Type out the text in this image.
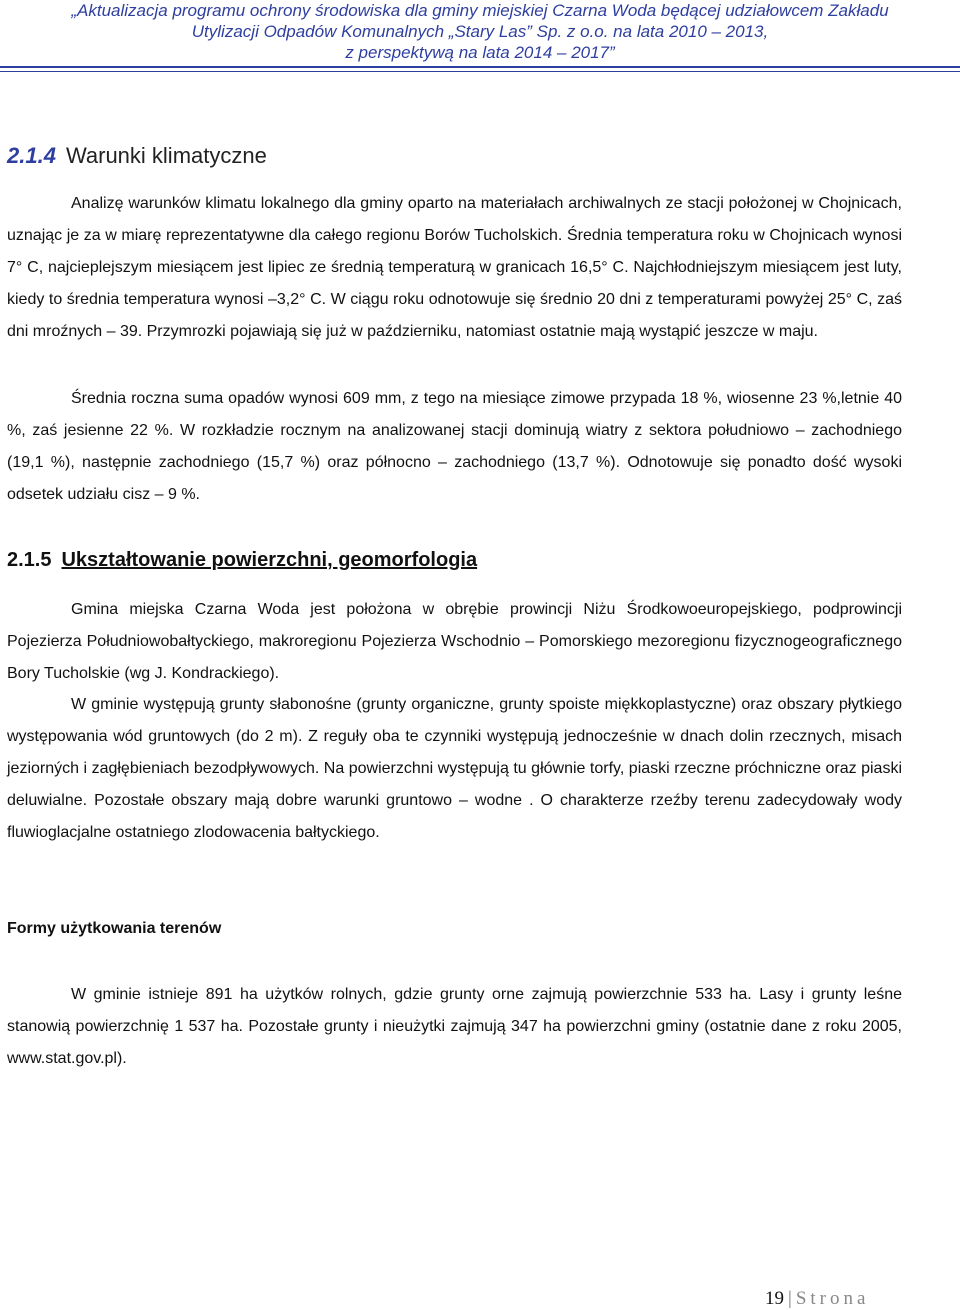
„Aktualizacja programu ochrony środowiska dla gminy miejskiej Czarna Woda będącej udziałowcem Zakładu
Utylizacji Odpadów Komunalnych „Stary Las” Sp. z o.o. na lata 2010 – 2013,
z perspektywą na lata 2014 – 2017”
2.1.4 Warunki klimatyczne

Analizę warunków klimatu lokalnego dla gminy oparto na materiałach archiwalnych ze stacji położonej w Chojnicach, uznając je za w miarę reprezentatywne dla całego regionu Borów Tucholskich. Średnia temperatura roku w Chojnicach wynosi 7° C, najcieplejszym miesiącem jest lipiec ze średnią temperaturą w granicach 16,5° C. Najchłodniejszym miesiącem jest luty, kiedy to średnia temperatura wynosi –3,2° C. W ciągu roku odnotowuje się średnio 20 dni z temperaturami powyżej 25° C, zaś dni mroźnych – 39. Przymrozki pojawiają się już w październiku, natomiast ostatnie mają wystąpić jeszcze w maju.

Średnia roczna suma opadów wynosi 609 mm, z tego na miesiące zimowe przypada 18 %, wiosenne 23 %,letnie 40 %, zaś jesienne 22 %. W rozkładzie rocznym na analizowanej stacji dominują wiatry z sektora południowo – zachodniego (19,1 %), następnie zachodniego (15,7 %) oraz północno – zachodniego (13,7 %). Odnotowuje się ponadto dość wysoki odsetek udziału cisz – 9 %.

2.1.5 Ukształtowanie powierzchni, geomorfologia

Gmina miejska Czarna Woda jest położona w obrębie prowincji Niżu Środkowoeuropejskiego, podprowincji Pojezierza Południowobałtyckiego, makroregionu Pojezierza Wschodnio – Pomorskiego mezoregionu fizycznogeograficznego Bory Tucholskie (wg J. Kondrackiego).

W gminie występują grunty słabonośne (grunty organiczne, grunty spoiste miękkoplastyczne) oraz obszary płytkiego występowania wód gruntowych (do 2 m). Z reguły oba te czynniki występują jednocześnie w dnach dolin rzecznych, misach jeziorných i zagłębieniach bezodpływowych. Na powierzchni występują tu głównie torfy, piaski rzeczne próchniczne oraz piaski deluwialne. Pozostałe obszary mają dobre warunki gruntowo – wodne . O charakterze rzeźby terenu zadecydowały wody fluwioglacjalne ostatniego zlodowacenia bałtyckiego.

Formy użytkowania terenów

W gminie istnieje 891 ha użytków rolnych, gdzie grunty orne zajmują powierzchnie 533 ha. Lasy i grunty leśne stanowią powierzchnię 1 537 ha. Pozostałe grunty i nieużytki zajmują 347 ha powierzchni gminy (ostatnie dane z roku 2005, www.stat.gov.pl).

19 | Strona
